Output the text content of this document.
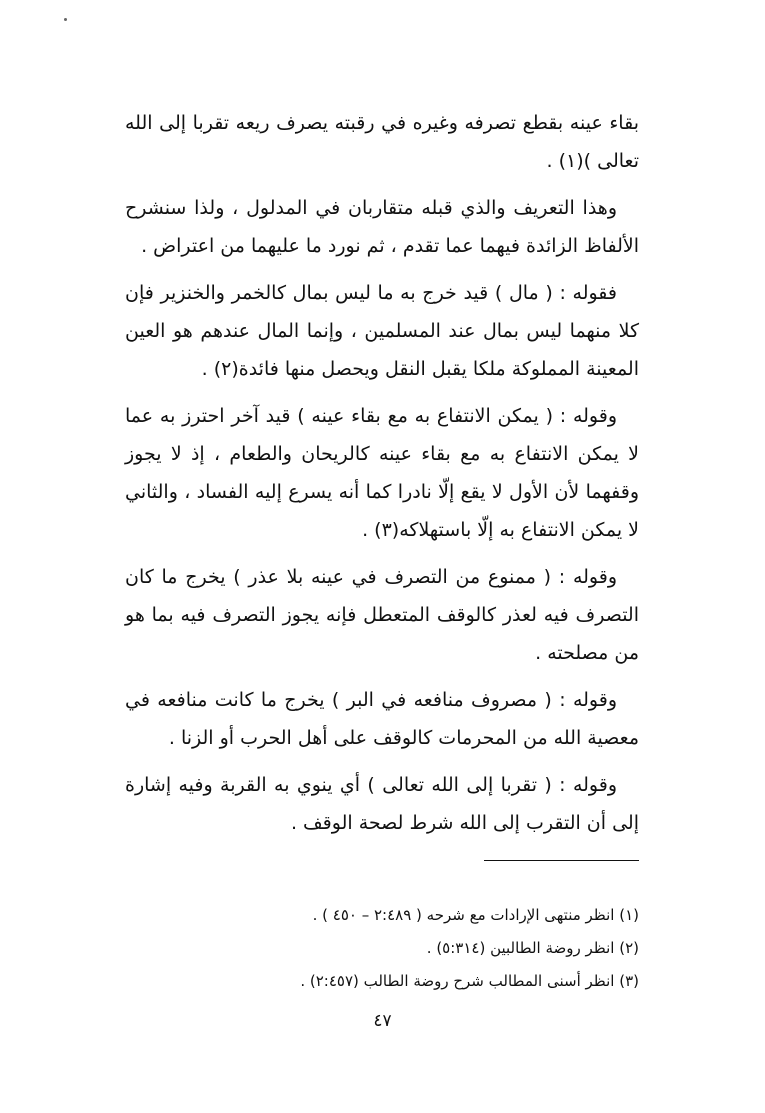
بقاء عينه بقطع تصرفه وغيره في رقبته يصرف ريعه تقربا إلى الله تعالى )(١) .

وهذا التعريف والذي قبله متقاربان في المدلول ، ولذا سنشرح الألفاظ الزائدة فيهما عما تقدم ، ثم نورد ما عليهما من اعتراض .

فقوله : ( مال ) قيد خرج به ما ليس بمال كالخمر والخنزير فإن كلا منهما ليس بمال عند المسلمين ، وإنما المال عندهم هو العين المعينة المملوكة ملكا يقبل النقل ويحصل منها فائدة(٢) .

وقوله : ( يمكن الانتفاع به مع بقاء عينه ) قيد آخر احترز به عما لا يمكن الانتفاع به مع بقاء عينه كالريحان والطعام ، إذ لا يجوز وقفهما لأن الأول لا يقع إلّا نادرا كما أنه يسرع إليه الفساد ، والثاني لا يمكن الانتفاع به إلّا باستهلاكه(٣) .

وقوله : ( ممنوع من التصرف في عينه بلا عذر ) يخرج ما كان التصرف فيه لعذر كالوقف المتعطل فإنه يجوز التصرف فيه بما هو من مصلحته .

وقوله : ( مصروف منافعه في البر ) يخرج ما كانت منافعه في معصية الله من المحرمات كالوقف على أهل الحرب أو الزنا .

وقوله : ( تقربا إلى الله تعالى ) أي ينوي به القربة وفيه إشارة إلى أن التقرب إلى الله شرط لصحة الوقف .

(١) انظر منتهى الإرادات مع شرحه ( ٢:٤٨٩ – ٤٥٠ ) .

(٢) انظر روضة الطالبين (٥:٣١٤) .

(٣) انظر أسنى المطالب شرح روضة الطالب (٢:٤٥٧) .

٤٧
